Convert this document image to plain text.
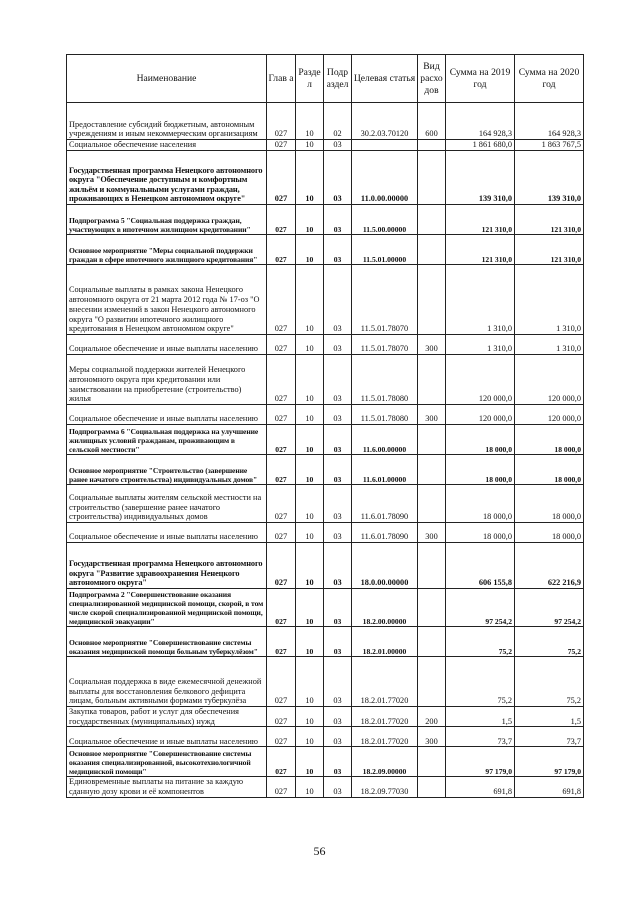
Наименование	Глав а	Разде л	Подр аздел	Целевая статья	Вид расхо дов	Сумма на 2019 год	Сумма на 2020 год
Предоставление субсидий бюджетным, автономным учреждениям и иным некоммерческим организациям	027	10	02	30.2.03.70120	600	164 928,3	164 928,3
Социальное обеспечение населения	027	10	03			1 861 680,0	1 863 767,5
Государственная программа Ненецкого автономного округа "Обеспечение доступным и комфортным жильём и коммунальными услугами граждан, проживающих в Ненецком автономном округе"	027	10	03	11.0.00.00000		139 310,0	139 310,0
Подпрограмма 5 "Социальная поддержка граждан, участвующих в ипотечном жилищном кредитовании"	027	10	03	11.5.00.00000		121 310,0	121 310,0
Основное мероприятие "Меры социальной поддержки граждан в сфере ипотечного жилищного кредитования"	027	10	03	11.5.01.00000		121 310,0	121 310,0
Социальные выплаты в рамках закона Ненецкого автономного округа от 21 марта 2012 года № 17-оз "О внесении изменений в закон Ненецкого автономного округа "О развитии ипотечного жилищного кредитования в Ненецком автономном округе"	027	10	03	11.5.01.78070		1 310,0	1 310,0
Социальное обеспечение и иные выплаты населению	027	10	03	11.5.01.78070	300	1 310,0	1 310,0
Меры социальной поддержки жителей Ненецкого автономного округа при кредитовании или заимствовании на приобретение (строительство) жилья	027	10	03	11.5.01.78080		120 000,0	120 000,0
Социальное обеспечение и иные выплаты населению	027	10	03	11.5.01.78080	300	120 000,0	120 000,0
Подпрограмма 6 "Социальная поддержка на улучшение жилищных условий гражданам, проживающим в сельской местности"	027	10	03	11.6.00.00000		18 000,0	18 000,0
Основное мероприятие "Строительство (завершение ранее начатого строительства) индивидуальных домов"	027	10	03	11.6.01.00000		18 000,0	18 000,0
Социальные выплаты жителям сельской местности на строительство (завершение ранее начатого строительства) индивидуальных домов	027	10	03	11.6.01.78090		18 000,0	18 000,0
Социальное обеспечение и иные выплаты населению	027	10	03	11.6.01.78090	300	18 000,0	18 000,0
Государственная программа Ненецкого автономного округа "Развитие здравоохранения Ненецкого автономного округа"	027	10	03	18.0.00.00000		606 155,8	622 216,9
Подпрограмма 2 "Совершенствование оказания специализированной медицинской помощи, скорой, в том числе скорой специализированной медицинской помощи, медицинской эвакуации"	027	10	03	18.2.00.00000		97 254,2	97 254,2
Основное мероприятие "Совершенствование системы оказания медицинской помощи больным туберкулёзом"	027	10	03	18.2.01.00000		75,2	75,2
Социальная поддержка в виде ежемесячной денежной выплаты для восстановления белкового дефицита лицам, больным активными формами туберкулёза	027	10	03	18.2.01.77020		75,2	75,2
Закупка товаров, работ и услуг для обеспечения государственных (муниципальных) нужд	027	10	03	18.2.01.77020	200	1,5	1,5
Социальное обеспечение и иные выплаты населению	027	10	03	18.2.01.77020	300	73,7	73,7
Основное мероприятие "Совершенствование системы оказания специализированной, высокотехнологичной медицинской помощи"	027	10	03	18.2.09.00000		97 179,0	97 179,0
Единовременные выплаты на питание за каждую сданную дозу крови и её компонентов	027	10	03	18.2.09.77030		691,8	691,8
56
